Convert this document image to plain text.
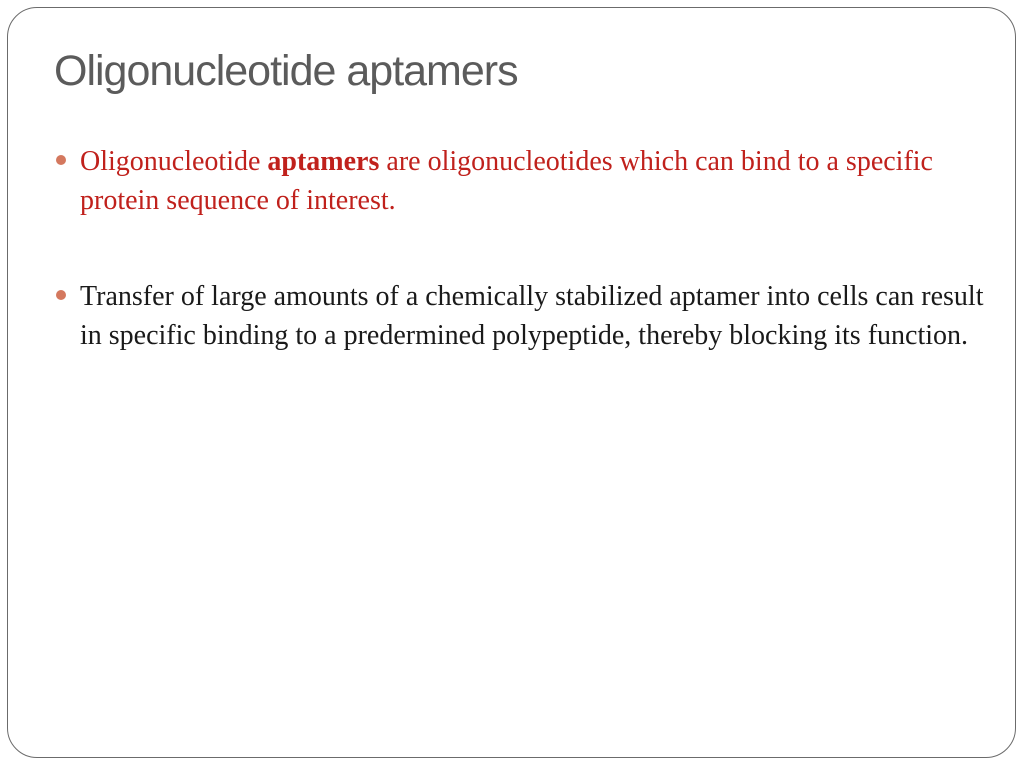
Oligonucleotide aptamers
Oligonucleotide aptamers are oligonucleotides which can bind to a specific protein sequence of interest.
Transfer of large amounts of a chemically stabilized aptamer into cells can result in specific binding to a predermined polypeptide, thereby blocking its function.
